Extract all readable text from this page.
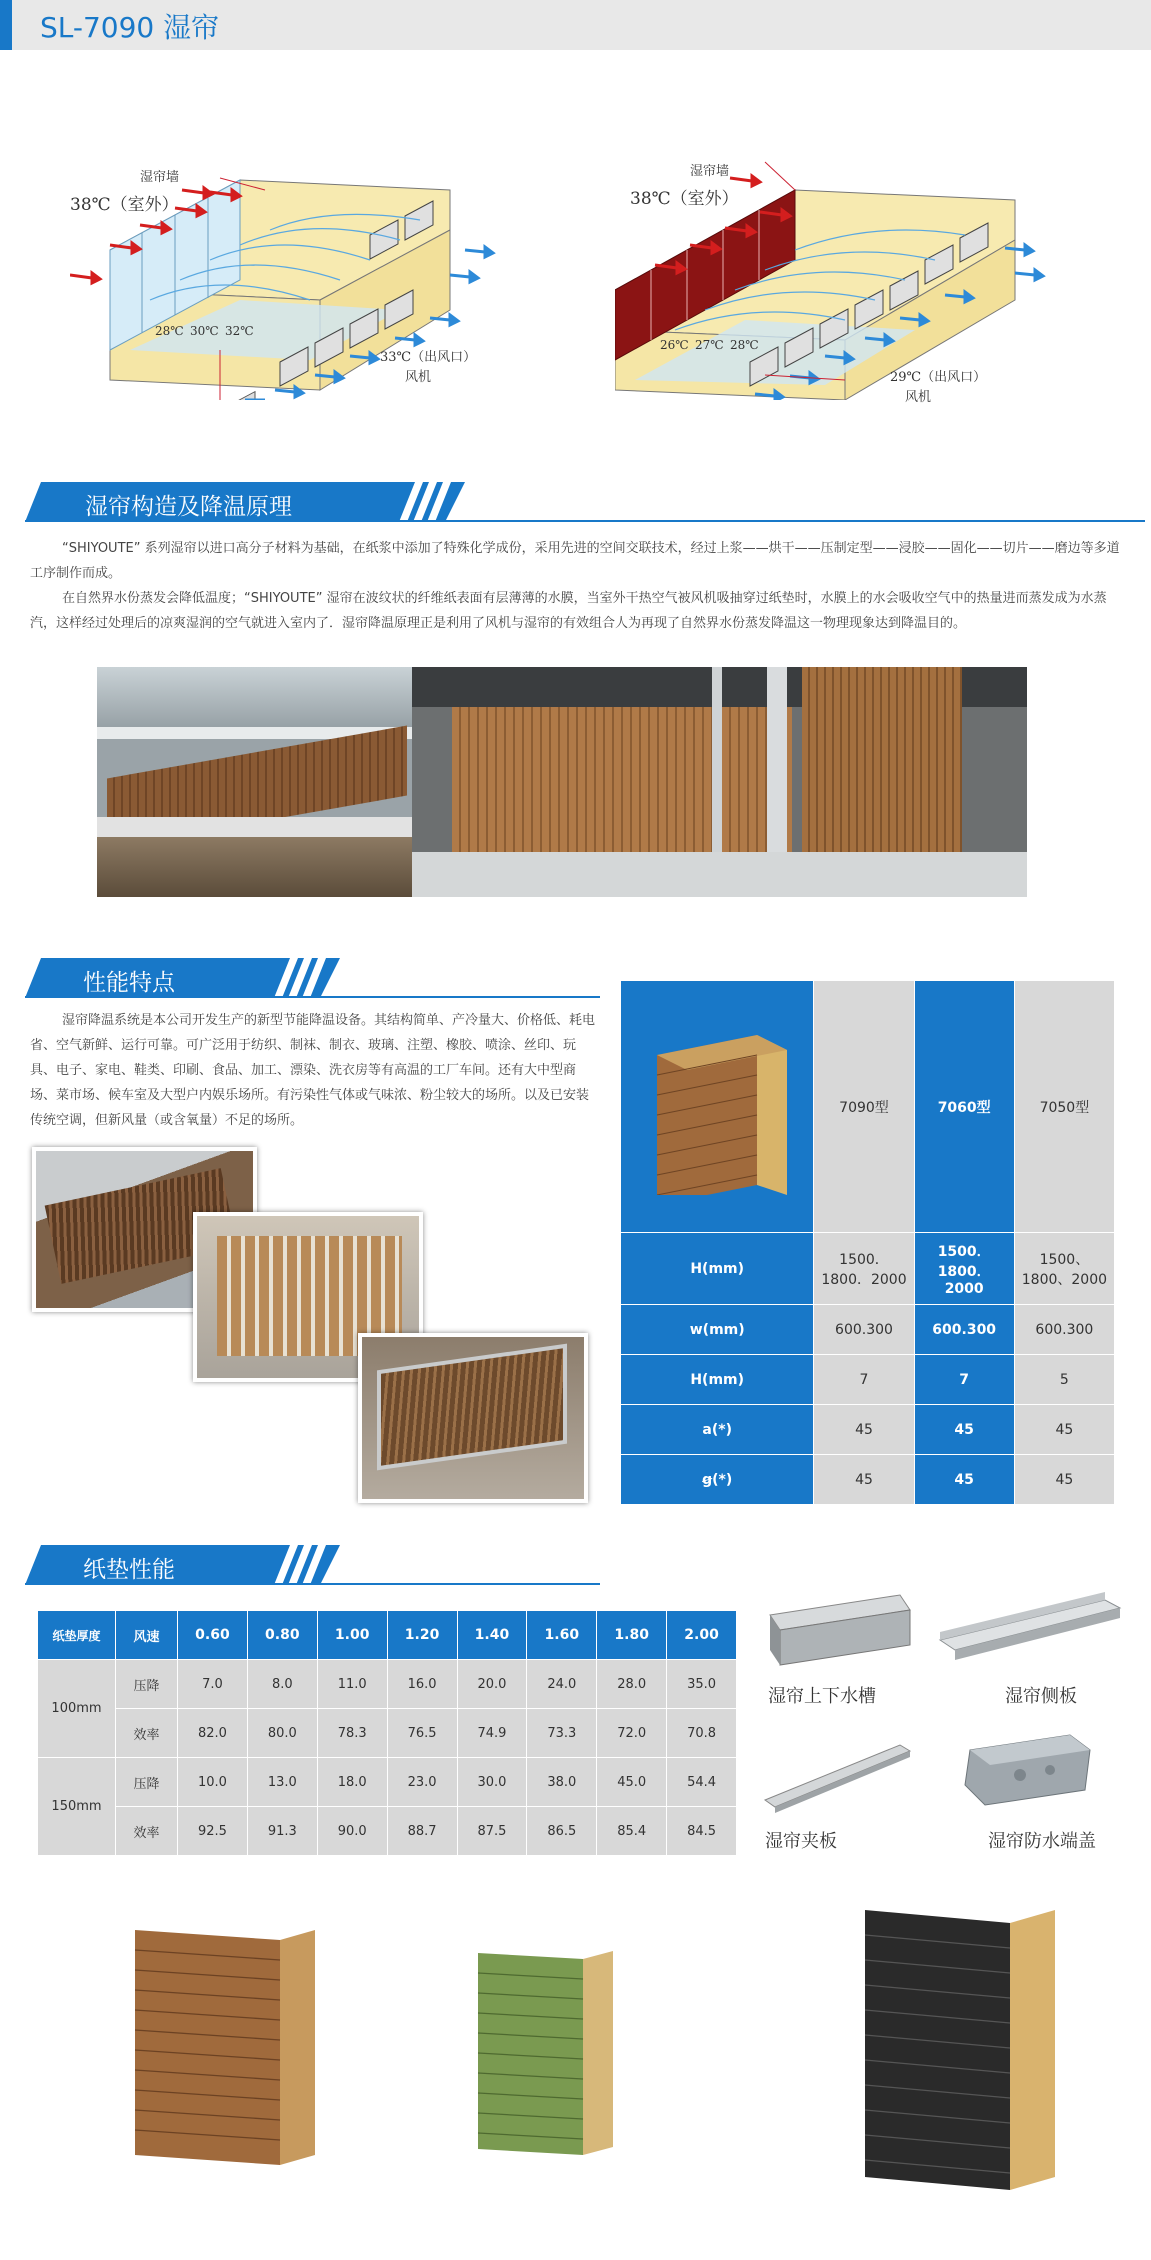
SL-7090 湿帘
湿帘墙
38℃（室外）
28℃ 30℃ 32℃
33℃（出风口）
风机
湿帘墙
38℃（室外）
26℃ 27℃ 28℃
29℃（出风口）
风机
湿帘构造及降温原理
“SHIYOUTE” 系列湿帘以进口高分子材料为基础，在纸浆中添加了特殊化学成份，采用先进的空间交联技术，经过上浆——烘干——压制定型——浸胶——固化——切片——磨边等多道工序制作而成。
在自然界水份蒸发会降低温度；“SHIYOUTE” 湿帘在波纹状的纤维纸表面有层薄薄的水膜，当室外干热空气被风机吸抽穿过纸垫时，水膜上的水会吸收空气中的热量进而蒸发成为水蒸汽，这样经过处理后的凉爽湿润的空气就进入室内了．湿帘降温原理正是利用了风机与湿帘的有效组合人为再现了自然界水份蒸发降温这一物理现象达到降温目的。
性能特点
湿帘降温系统是本公司开发生产的新型节能降温设备。其结构简单、产冷量大、价格低、耗电省、空气新鲜、运行可靠。可广泛用于纺织、制袜、制衣、玻璃、注塑、橡胶、喷涂、丝印、玩具、电子、家电、鞋类、印刷、食品、加工、漂染、洗衣房等有高温的工厂车间。还有大中型商场、菜市场、候车室及大型户内娱乐场所。有污染性气体或气味浓、粉尘较大的场所。以及已安装传统空调，但新风量（或含氧量）不足的场所。
	7090型	7060型	7050型
H(mm)	1500．1800．2000	1500．1800．2000	1500、1800、2000
w(mm)	600.300	600.300	600.300
H(mm)	7	7	5
a(*)	45	45	45
ꞡ(*)	45	45	45
纸垫性能
纸垫厚度	风速	0.60	0.80	1.00	1.20	1.40	1.60	1.80	2.00
100mm	压降	7.0	8.0	11.0	16.0	20.0	24.0	28.0	35.0
	效率	82.0	80.0	78.3	76.5	74.9	73.3	72.0	70.8
150mm	压降	10.0	13.0	18.0	23.0	30.0	38.0	45.0	54.4
	效率	92.5	91.3	90.0	88.7	87.5	86.5	85.4	84.5
湿帘上下水槽	湿帘侧板
湿帘夹板	湿帘防水端盖
